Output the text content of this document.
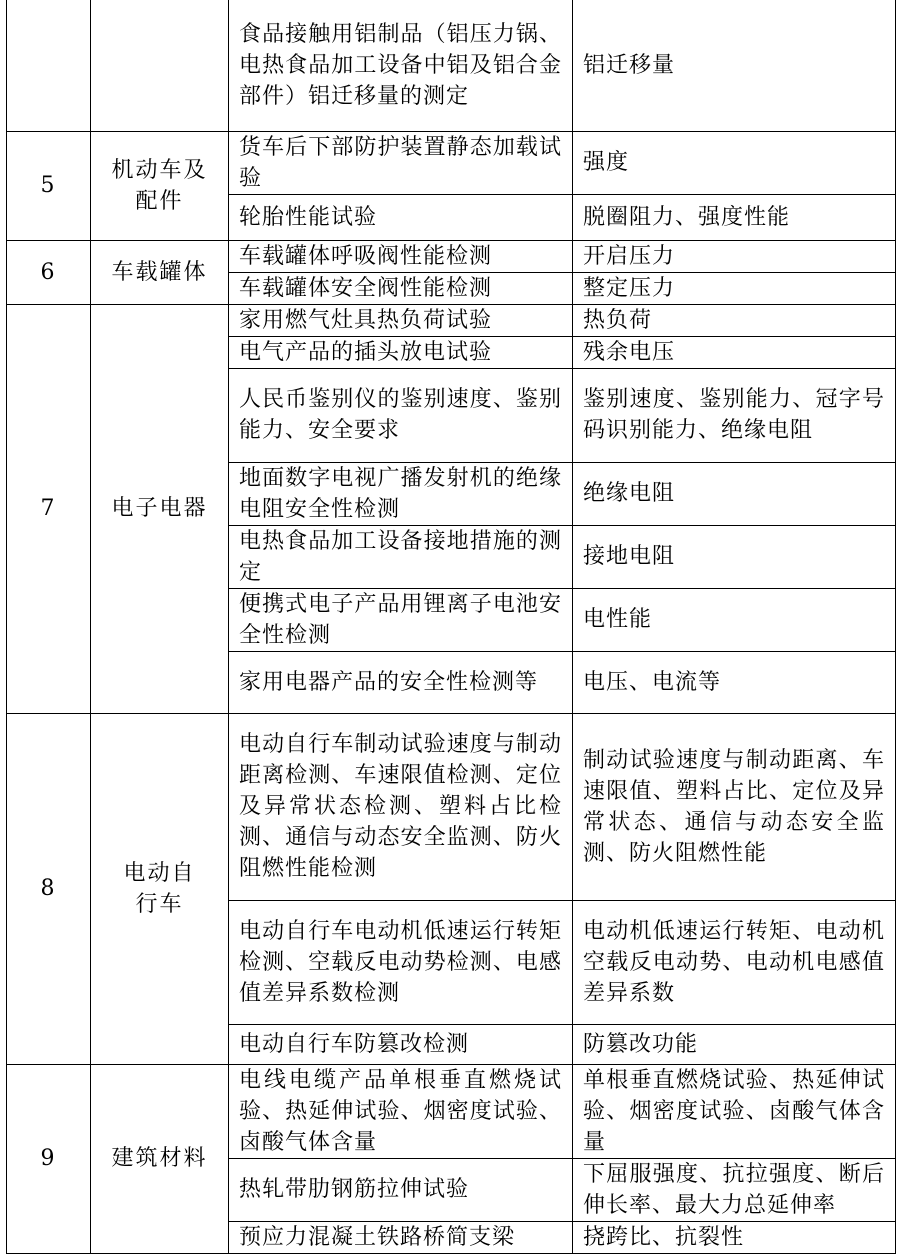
		食品接触用铝制品（铝压力锅、电热食品加工设备中铝及铝合金部件）铝迁移量的测定	铝迁移量
5	机动车及配件	货车后下部防护装置静态加载试验	强度
		轮胎性能试验	脱圈阻力、强度性能
6	车载罐体	车载罐体呼吸阀性能检测	开启压力
		车载罐体安全阀性能检测	整定压力
7	电子电器	家用燃气灶具热负荷试验	热负荷
		电气产品的插头放电试验	残余电压
		人民币鉴别仪的鉴别速度、鉴别能力、安全要求	鉴别速度、鉴别能力、冠字号码识别能力、绝缘电阻
		地面数字电视广播发射机的绝缘电阻安全性检测	绝缘电阻
		电热食品加工设备接地措施的测定	接地电阻
		便携式电子产品用锂离子电池安全性检测	电性能
		家用电器产品的安全性检测等	电压、电流等
8	电动自行车	电动自行车制动试验速度与制动距离检测、车速限值检测、定位及异常状态检测、塑料占比检测、通信与动态安全监测、防火阻燃性能检测	制动试验速度与制动距离、车速限值、塑料占比、定位及异常状态、通信与动态安全监测、防火阻燃性能
		电动自行车电动机低速运行转矩检测、空载反电动势检测、电感值差异系数检测	电动机低速运行转矩、电动机空载反电动势、电动机电感值差异系数
		电动自行车防篡改检测	防篡改功能
9	建筑材料	电线电缆产品单根垂直燃烧试验、热延伸试验、烟密度试验、卤酸气体含量	单根垂直燃烧试验、热延伸试验、烟密度试验、卤酸气体含量
		热轧带肋钢筋拉伸试验	下屈服强度、抗拉强度、断后伸长率、最大力总延伸率
		预应力混凝土铁路桥简支梁	挠跨比、抗裂性
